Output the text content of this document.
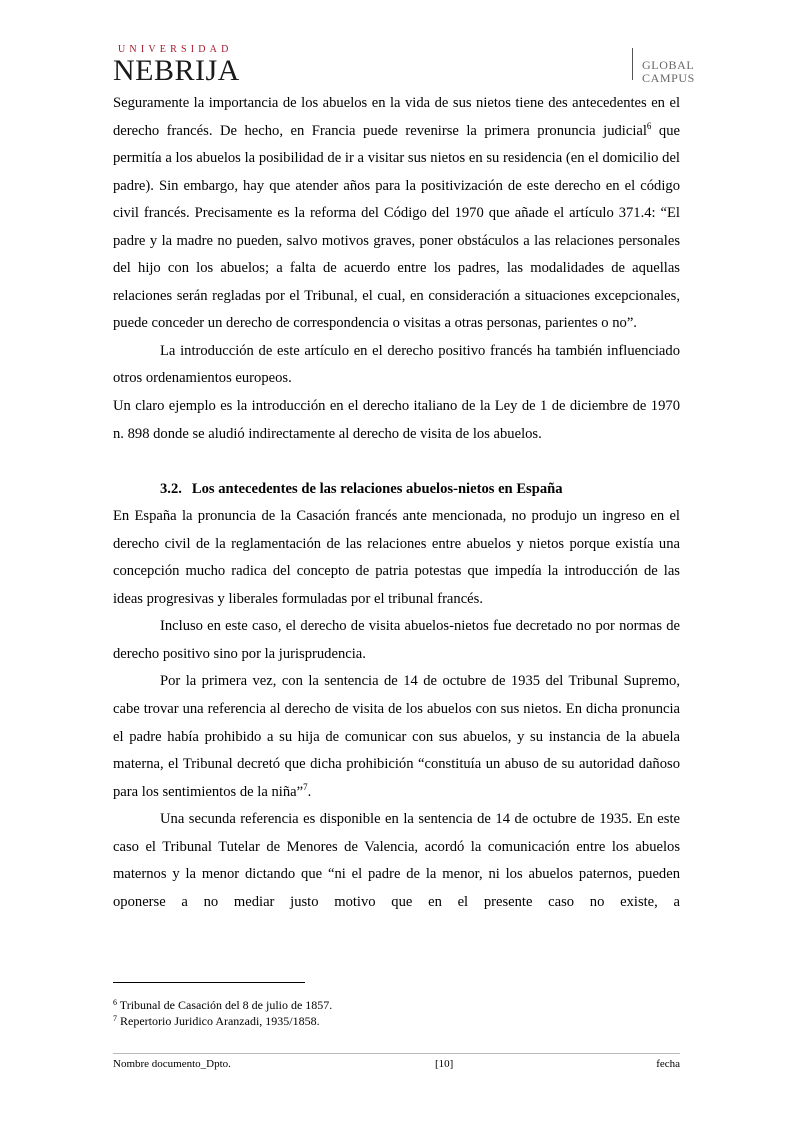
UNIVERSIDAD
NEBRIJA	GLOBAL
CAMPUS

Seguramente la importancia de los abuelos en la vida de sus nietos tiene des antecedentes en el derecho francés. De hecho, en Francia puede revenirse la primera pronuncia judicial$^6$ que permitía a los abuelos la posibilidad de ir a visitar sus nietos en su residencia (en el domicilio del padre). Sin embargo, hay que atender años para la positivización de este derecho en el código civil francés. Precisamente es la reforma del Código del 1970 que añade el artículo 371.4: “El padre y la madre no pueden, salvo motivos graves, poner obstáculos a las relaciones personales del hijo con los abuelos; a falta de acuerdo entre los padres, las modalidades de aquellas relaciones serán regladas por el Tribunal, el cual, en consideración a situaciones excepcionales, puede conceder un derecho de correspondencia o visitas a otras personas, parientes o no”.

La introducción de este artículo en el derecho positivo francés ha también influenciado otros ordenamientos europeos.

Un claro ejemplo es la introducción en el derecho italiano de la Ley de 1 de diciembre de 1970 n. 898 donde se aludió indirectamente al derecho de visita de los abuelos.

3.2. Los antecedentes de las relaciones abuelos-nietos en España

En España la pronuncia de la Casación francés ante mencionada, no produjo un ingreso en el derecho civil de la reglamentación de las relaciones entre abuelos y nietos porque existía una concepción mucho radica del concepto de patria potestas que impedía la introducción de las ideas progresivas y liberales formuladas por el tribunal francés.

Incluso en este caso, el derecho de visita abuelos-nietos fue decretado no por normas de derecho positivo sino por la jurisprudencia.

Por la primera vez, con la sentencia de 14 de octubre de 1935 del Tribunal Supremo, cabe trovar una referencia al derecho de visita de los abuelos con sus nietos. En dicha pronuncia el padre había prohibido a su hija de comunicar con sus abuelos, y su instancia de la abuela materna, el Tribunal decretó que dicha prohibición “constituía un abuso de su autoridad dañoso para los sentimientos de la niña”$^7$.

Una secunda referencia es disponible en la sentencia de 14 de octubre de 1935. En este caso el Tribunal Tutelar de Menores de Valencia, acordó la comunicación entre los abuelos maternos y la menor dictando que “ni el padre de la menor, ni los abuelos paternos, pueden oponerse a no mediar justo motivo que en el presente caso no existe, a

$^6$ Tribunal de Casación del 8 de julio de 1857.
$^7$ Repertorio Juridico Aranzadi, 1935/1858.
Nombre documento_Dpto.	[10]	fecha
